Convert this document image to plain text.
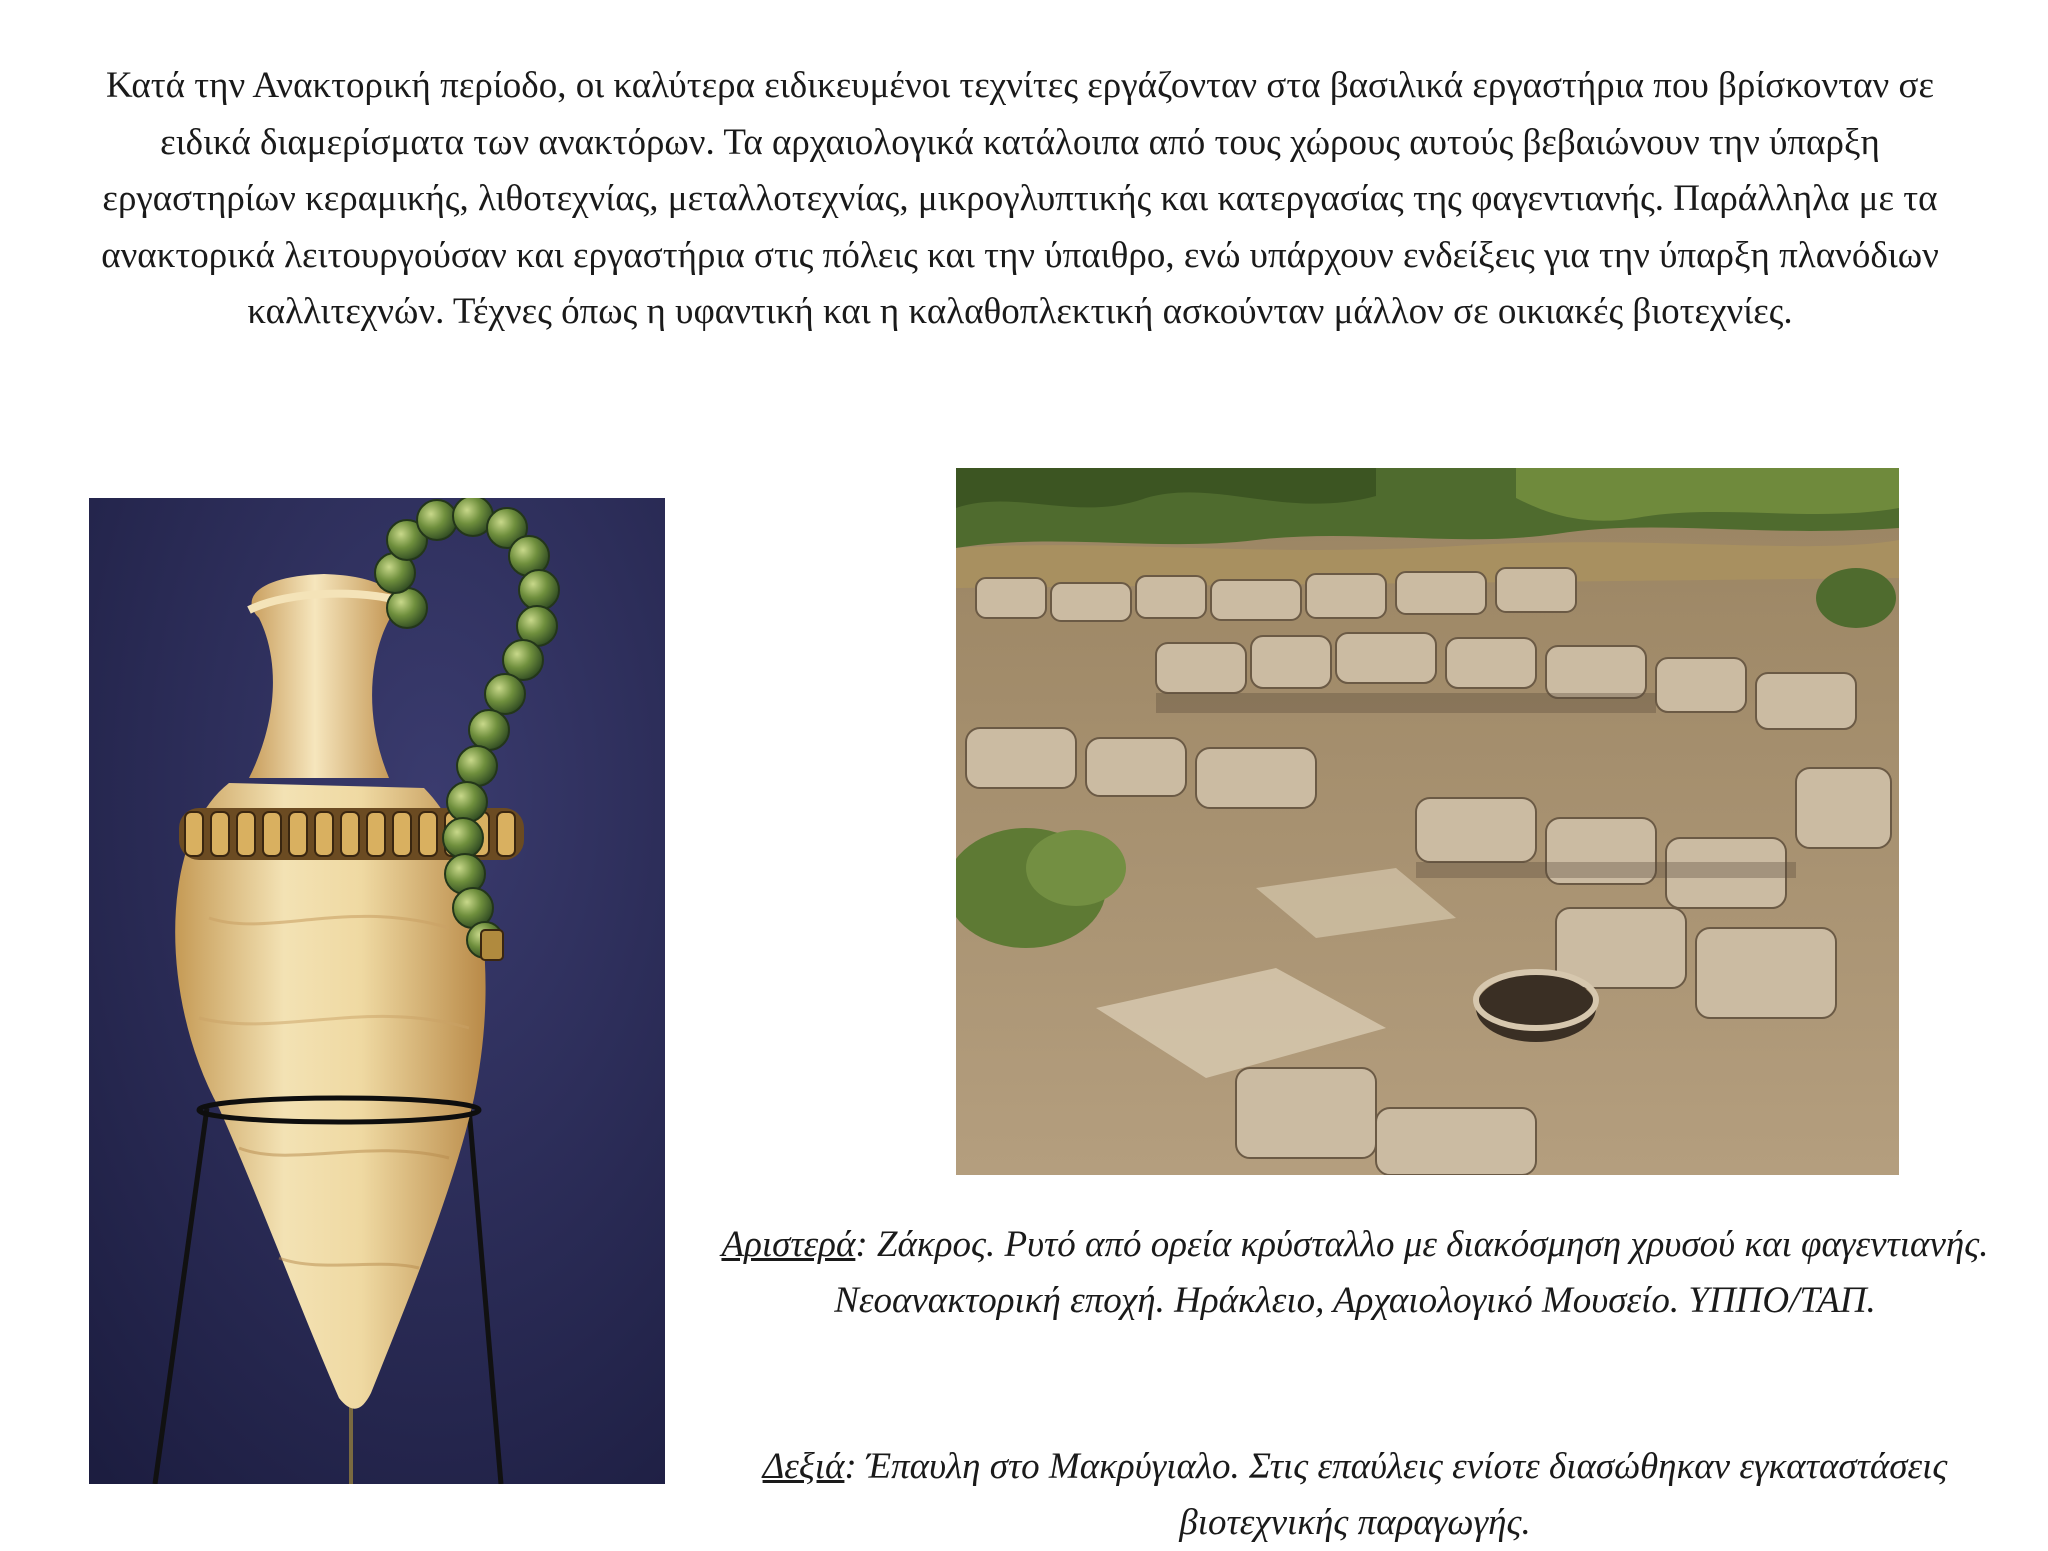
Κατά την Ανακτορική περίοδο, οι καλύτερα ειδικευμένοι τεχνίτες εργάζονταν στα βασιλικά εργαστήρια που βρίσκονταν σε ειδικά διαμερίσματα των ανακτόρων. Τα αρχαιολογικά κατάλοιπα από τους χώρους αυτούς βεβαιώνουν την ύπαρξη εργαστηρίων κεραμικής, λιθοτεχνίας, μεταλλοτεχνίας, μικρογλυπτικής και κατεργασίας της φαγεντιανής. Παράλληλα με τα ανακτορικά λειτουργούσαν και εργαστήρια στις πόλεις και την ύπαιθρο, ενώ υπάρχουν ενδείξεις για την ύπαρξη πλανόδιων καλλιτεχνών. Τέχνες όπως η υφαντική και η καλαθοπλεκτική ασκούνταν μάλλον σε οικιακές βιοτεχνίες.

Αριστερά: Ζάκρος. Ρυτό από ορεία κρύσταλλο με διακόσμηση χρυσού και φαγεντιανής. Νεοανακτορική εποχή. Ηράκλειο, Αρχαιολογικό Μουσείο. ΥΠΠΟ/ΤΑΠ.

Δεξιά: Έπαυλη στο Μακρύγιαλο. Στις επαύλεις ενίοτε διασώθηκαν εγκαταστάσεις βιοτεχνικής παραγωγής.
